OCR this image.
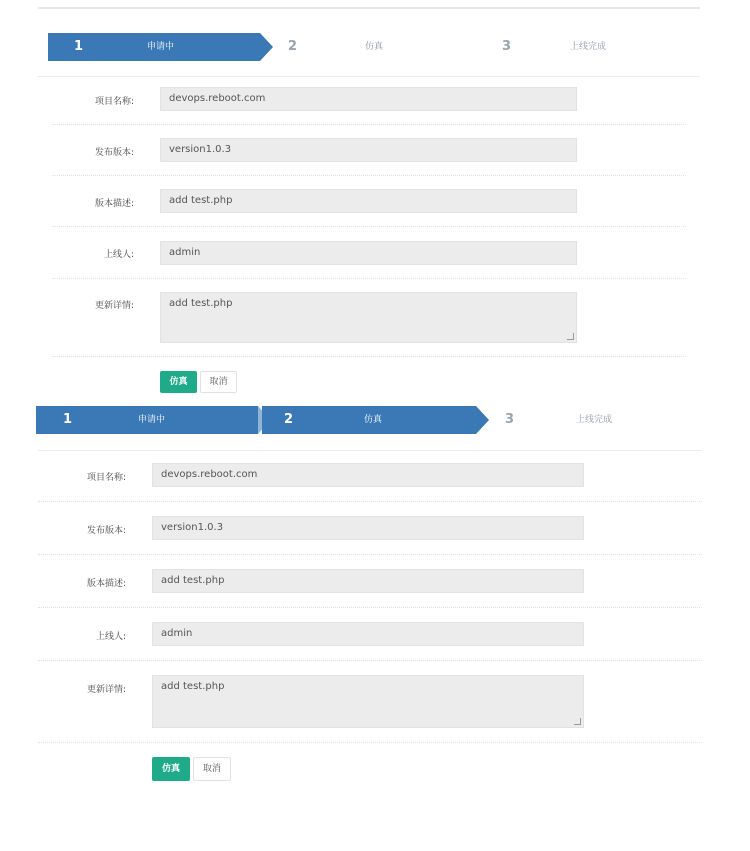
1	申请中	2	仿真	3	上线完成
项目名称:	devops.reboot.com
发布版本:	version1.0.3
版本描述:	add test.php
上线人:	admin
更新详情:	add test.php
仿真	取消
1	申请中	2	仿真	3	上线完成
项目名称:	devops.reboot.com
发布版本:	version1.0.3
版本描述:	add test.php
上线人:	admin
更新详情:	add test.php
仿真	取消
